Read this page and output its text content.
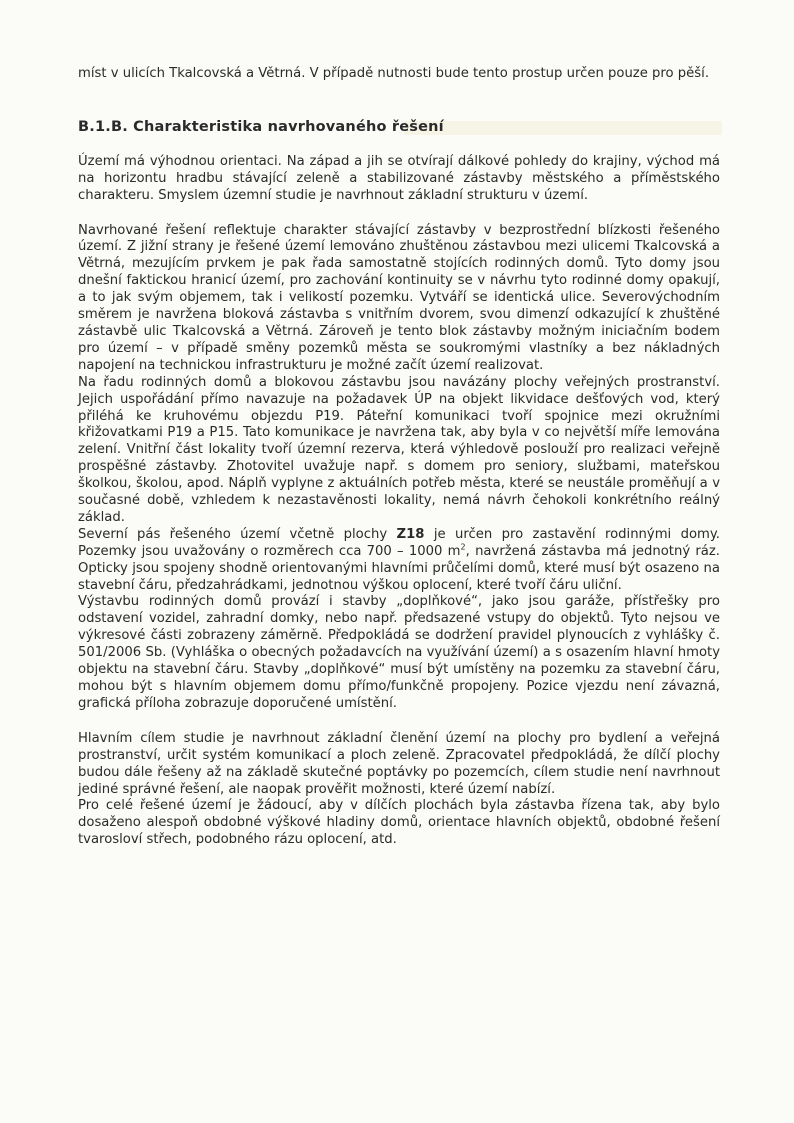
míst v ulicích Tkalcovská a Větrná. V případě nutnosti bude tento prostup určen pouze pro pěší.

B.1.B. Charakteristika navrhovaného řešení

Území má výhodnou orientaci. Na západ a jih se otvírají dálkové pohledy do krajiny, východ má na horizontu hradbu stávající zeleně a stabilizované zástavby městského a příměstského charakteru. Smyslem územní studie je navrhnout základní strukturu v území.

Navrhované řešení reflektuje charakter stávající zástavby v bezprostřední blízkosti řešeného území. Z jižní strany je řešené území lemováno zhuštěnou zástavbou mezi ulicemi Tkalcovská a Větrná, mezujícím prvkem je pak řada samostatně stojících rodinných domů. Tyto domy jsou dnešní faktickou hranicí území, pro zachování kontinuity se v návrhu tyto rodinné domy opakují, a to jak svým objemem, tak i velikostí pozemku. Vytváří se identická ulice. Severovýchodním směrem je navržena bloková zástavba s vnitřním dvorem, svou dimenzí odkazující k zhuštěné zástavbě ulic Tkalcovská a Větrná. Zároveň je tento blok zástavby možným iniciačním bodem pro území – v případě směny pozemků města se soukromými vlastníky a bez nákladných napojení na technickou infrastrukturu je možné začít území realizovat.

Na řadu rodinných domů a blokovou zástavbu jsou navázány plochy veřejných prostranství. Jejich uspořádání přímo navazuje na požadavek ÚP na objekt likvidace dešťových vod, který přiléhá ke kruhovému objezdu P19. Páteřní komunikaci tvoří spojnice mezi okružními křižovatkami P19 a P15. Tato komunikace je navržena tak, aby byla v co největší míře lemována zelení. Vnitřní část lokality tvoří územní rezerva, která výhledově poslouží pro realizaci veřejně prospěšné zástavby. Zhotovitel uvažuje např. s domem pro seniory, službami, mateřskou školkou, školou, apod. Náplň vyplyne z aktuálních potřeb města, které se neustále proměňují a v současné době, vzhledem k nezastavěnosti lokality, nemá návrh čehokoli konkrétního reálný základ.

Severní pás řešeného území včetně plochy Z18 je určen pro zastavění rodinnými domy. Pozemky jsou uvažovány o rozměrech cca 700 – 1000 $m^2$, navržená zástavba má jednotný ráz. Opticky jsou spojeny shodně orientovanými hlavními průčelími domů, které musí být osazeno na stavební čáru, předzahrádkami, jednotnou výškou oplocení, které tvoří čáru uliční.

Výstavbu rodinných domů provází i stavby „doplňkové“, jako jsou garáže, přístřešky pro odstavení vozidel, zahradní domky, nebo např. předsazené vstupy do objektů. Tyto nejsou ve výkresové části zobrazeny záměrně. Předpokládá se dodržení pravidel plynoucích z vyhlášky č. 501/2006 Sb. (Vyhláška o obecných požadavcích na využívání území) a s osazením hlavní hmoty objektu na stavební čáru. Stavby „doplňkové“ musí být umístěny na pozemku za stavební čáru, mohou být s hlavním objemem domu přímo/funkčně propojeny. Pozice vjezdu není závazná, grafická příloha zobrazuje doporučené umístění.

Hlavním cílem studie je navrhnout základní členění území na plochy pro bydlení a veřejná prostranství, určit systém komunikací a ploch zeleně. Zpracovatel předpokládá, že dílčí plochy budou dále řešeny až na základě skutečné poptávky po pozemcích, cílem studie není navrhnout jediné správné řešení, ale naopak prověřit možnosti, které území nabízí.

Pro celé řešené území je žádoucí, aby v dílčích plochách byla zástavba řízena tak, aby bylo dosaženo alespoň obdobné výškové hladiny domů, orientace hlavních objektů, obdobné řešení tvarosloví střech, podobného rázu oplocení, atd.
